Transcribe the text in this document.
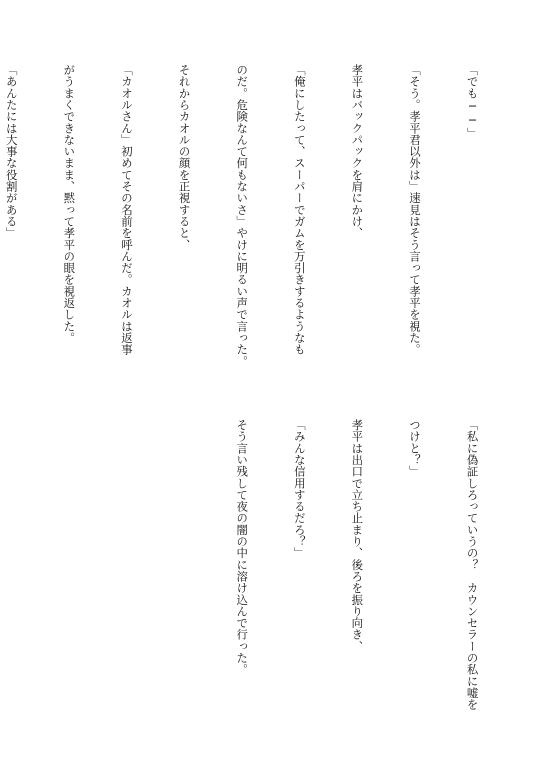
「でも──」

「そう。孝平君以外は」速見はそう言って孝平を視た。

孝平はバックパックを肩にかけ、

「俺にしたって、スーパーでガムを万引きするようなも

のだ。危険なんて何もないさ」やけに明るい声で言った。

それからカオルの顔を正視すると、

「カオルさん」初めてその名前を呼んだ。カオルは返事

がうまくできないまま、黙って孝平の眼を視返した。

「あんたには大事な役割がある」

「私に偽証しろっていうの？　カウンセラーの私に嘘を

つけと？」

孝平は出口で立ち止まり、後ろを振り向き、

「みんな信用するだろ？」

そう言い残して夜の闇の中に溶け込んで行った。
